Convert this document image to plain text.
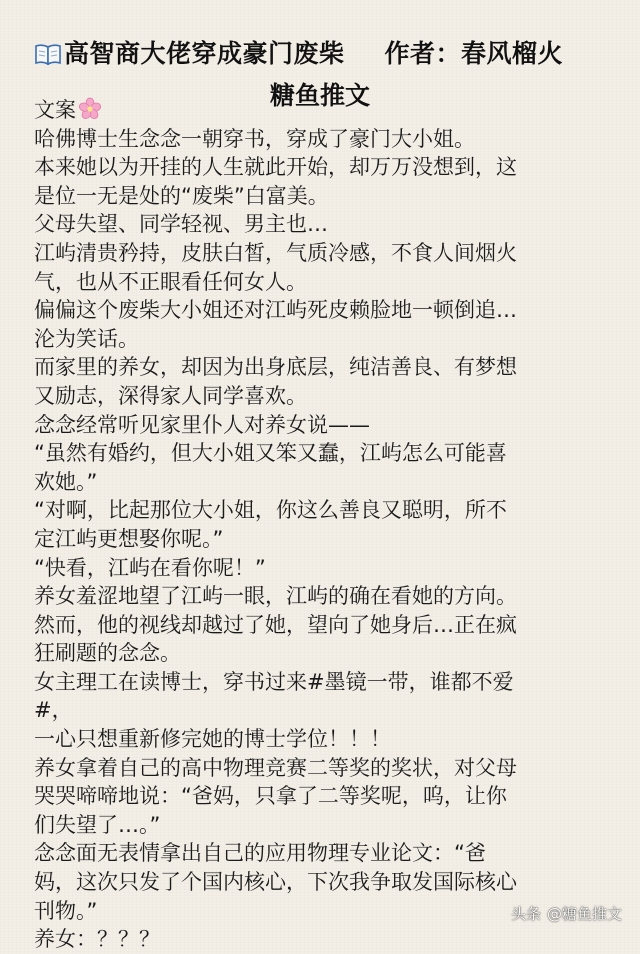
高智商大佬穿成豪门废柴 作者：春风榴火
糖鱼推文
文案
哈佛博士生念念一朝穿书，穿成了豪门大小姐。
本来她以为开挂的人生就此开始，却万万没想到，这
是位一无是处的“废柴”白富美。
父母失望、同学轻视、男主也…
江屿清贵矜持，皮肤白皙，气质冷感，不食人间烟火
气，也从不正眼看任何女人。
偏偏这个废柴大小姐还对江屿死皮赖脸地一顿倒追…
沦为笑话。
而家里的养女，却因为出身底层，纯洁善良、有梦想
又励志，深得家人同学喜欢。
念念经常听见家里仆人对养女说——
“虽然有婚约，但大小姐又笨又蠢，江屿怎么可能喜
欢她。”
“对啊，比起那位大小姐，你这么善良又聪明，所不
定江屿更想娶你呢。”
“快看，江屿在看你呢！”
养女羞涩地望了江屿一眼，江屿的确在看她的方向。
然而，他的视线却越过了她，望向了她身后…正在疯
狂刷题的念念。
女主理工在读博士，穿书过来#墨镜一带，谁都不爱
#，
一心只想重新修完她的博士学位！！！
养女拿着自己的高中物理竞赛二等奖的奖状，对父母
哭哭啼啼地说：“爸妈，只拿了二等奖呢，呜，让你
们失望了…。”
念念面无表情拿出自己的应用物理专业论文：“爸
妈，这次只发了个国内核心，下次我争取发国际核心
刊物。”
养女：？？？
头条 @糖鱼推文
